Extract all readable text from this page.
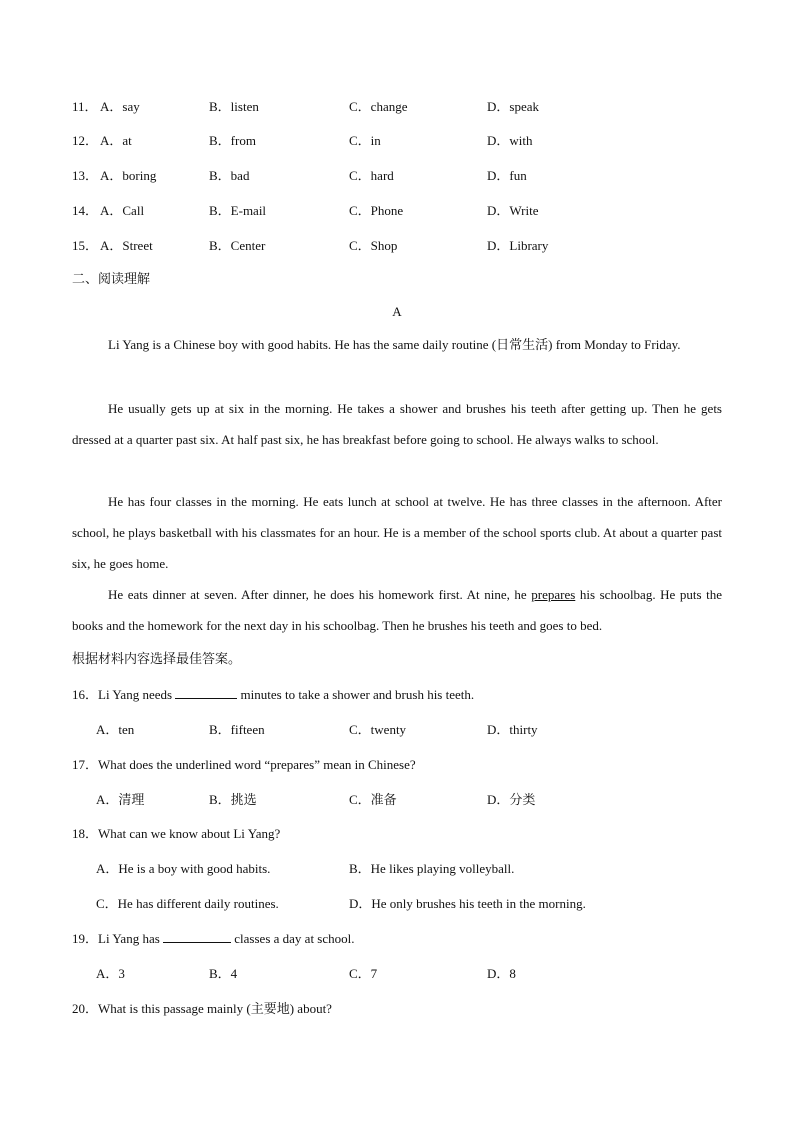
11． A．say	B．listen	C．change	D．speak
12． A．at	B．from	C．in	D．with
13． A．boring	B．bad	C．hard	D．fun
14． A．Call	B．E-mail	C．Phone	D．Write
15． A．Street	B．Center	C．Shop	D．Library
二、阅读理解
A

Li Yang is a Chinese boy with good habits. He has the same daily routine (日常生活) from Monday to Friday.

He usually gets up at six in the morning. He takes a shower and brushes his teeth after getting up. Then he gets dressed at a quarter past six. At half past six, he has breakfast before going to school. He always walks to school.

He has four classes in the morning. He eats lunch at school at twelve. He has three classes in the afternoon. After school, he plays basketball with his classmates for an hour. He is a member of the school sports club. At about a quarter past six, he goes home.

He eats dinner at seven. After dinner, he does his homework first. At nine, he prepares his schoolbag. He puts the books and the homework for the next day in his schoolbag. Then he brushes his teeth and goes to bed.

根据材料内容选择最佳答案。
16．Li Yang needs	minutes to take a shower and brush his teeth.
A．ten	B．fifteen	C．twenty	D．thirty
17．What does the underlined word “prepares” mean in Chinese?
A．清理	B．挑选	C．准备	D．分类
18．What can we know about Li Yang?
A．He is a boy with good habits.	B．He likes playing volleyball.
C．He has different daily routines.	D．He only brushes his teeth in the morning.
19．Li Yang has	classes a day at school.
A．3	B．4	C．7	D．8
20．What is this passage mainly (主要地) about?
